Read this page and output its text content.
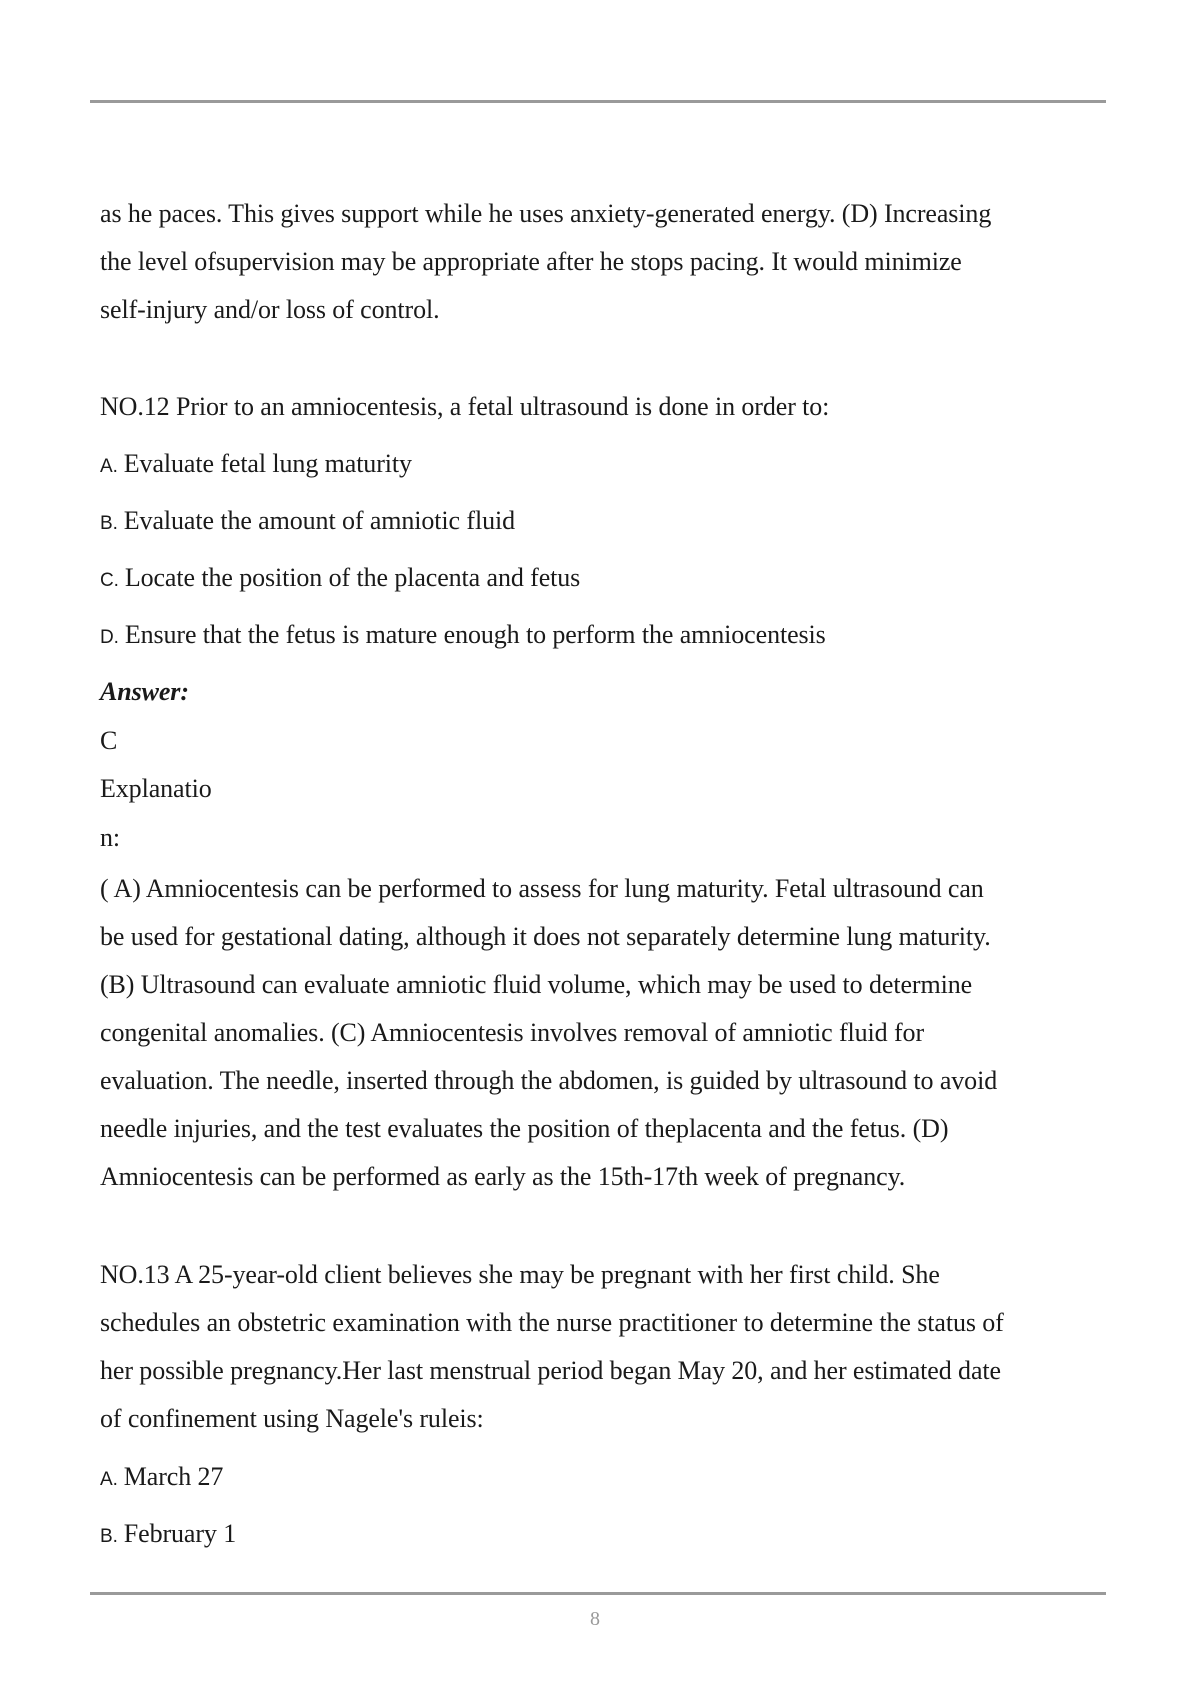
as he paces. This gives support while he uses anxiety-generated energy. (D) Increasing

the level ofsupervision may be appropriate after he stops pacing. It would minimize

self-injury and/or loss of control.

NO.12 Prior to an amniocentesis, a fetal ultrasound is done in order to:

A. Evaluate fetal lung maturity

B. Evaluate the amount of amniotic fluid

C. Locate the position of the placenta and fetus

D. Ensure that the fetus is mature enough to perform the amniocentesis

Answer:

C

Explanatio

n:

( A) Amniocentesis can be performed to assess for lung maturity. Fetal ultrasound can

be used for gestational dating, although it does not separately determine lung maturity.

(B) Ultrasound can evaluate amniotic fluid volume, which may be used to determine

congenital anomalies. (C) Amniocentesis involves removal of amniotic fluid for

evaluation. The needle, inserted through the abdomen, is guided by ultrasound to avoid

needle injuries, and the test evaluates the position of theplacenta and the fetus. (D)

Amniocentesis can be performed as early as the 15th-17th week of pregnancy.

NO.13 A 25-year-old client believes she may be pregnant with her first child. She

schedules an obstetric examination with the nurse practitioner to determine the status of

her possible pregnancy.Her last menstrual period began May 20, and her estimated date

of confinement using Nagele's ruleis:

A. March 27

B. February 1

8
